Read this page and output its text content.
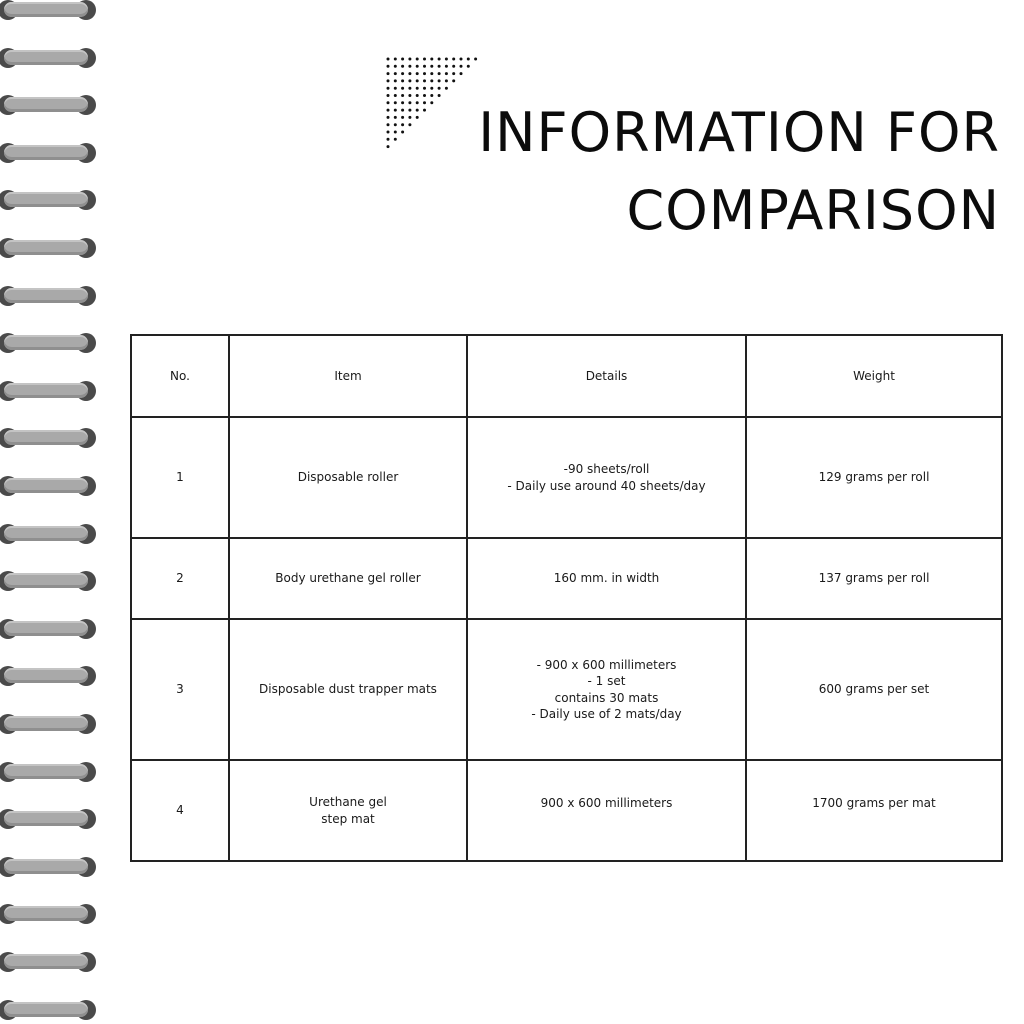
INFORMATION FOR
COMPARISON
No.	Item	Details	Weight
1	Disposable roller	-90 sheets/roll
- Daily use around 40 sheets/day	129 grams per roll
2	Body urethane gel roller	160 mm. in width	137 grams per roll
3	Disposable dust trapper mats	- 900 x 600 millimeters
- 1 set
contains 30 mats
- Daily use of 2 mats/day	600 grams per set
4	Urethane gel
step mat	900 x 600 millimeters	1700 grams per mat
